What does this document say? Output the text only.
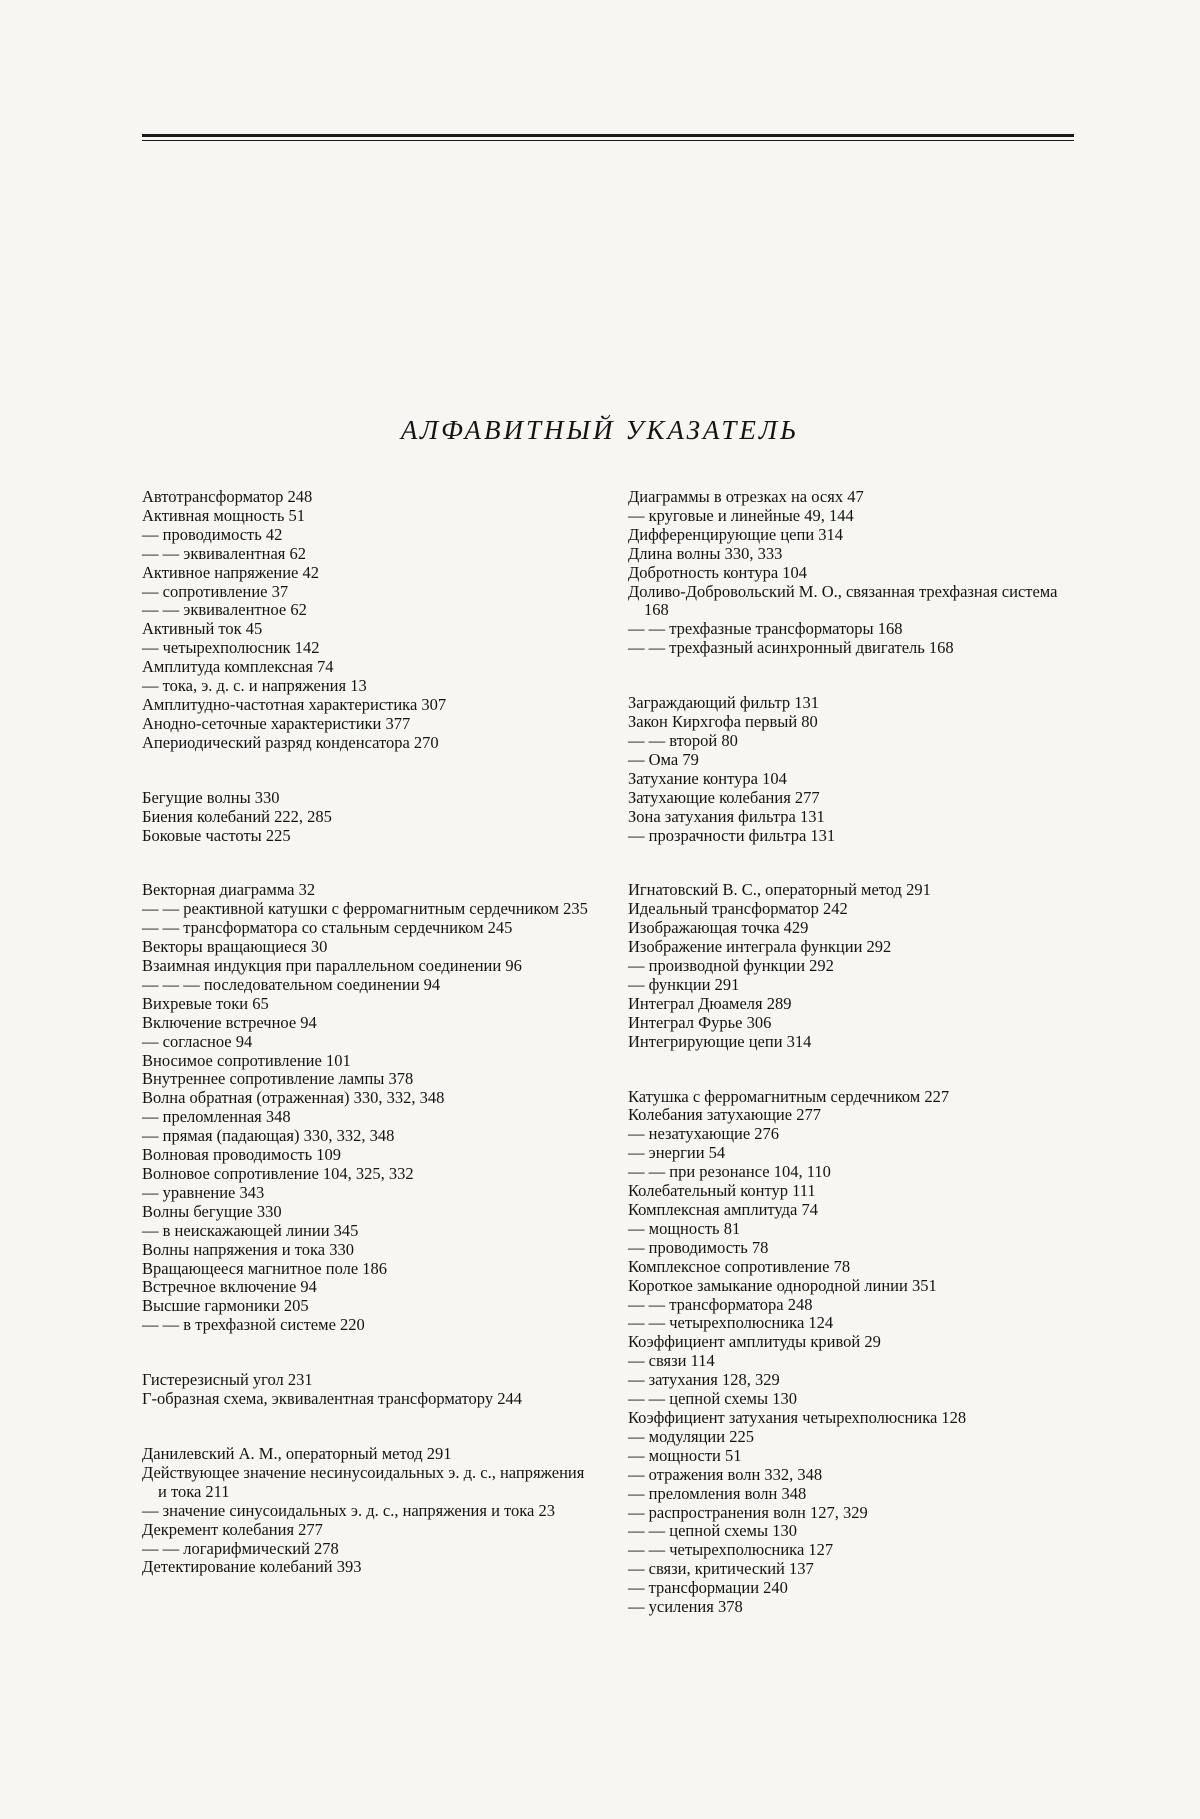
АЛФАВИТНЫЙ УКАЗАТЕЛЬ
Автотрансформатор 248
Активная мощность 51
— проводимость 42
— — эквивалентная 62
Активное напряжение 42
— сопротивление 37
— — эквивалентное 62
Активный ток 45
— четырехполюсник 142
Амплитуда комплексная 74
— тока, э. д. с. и напряжения 13
Амплитудно-частотная характеристика 307
Анодно-сеточные характеристики 377
Апериодический разряд конденсатора 270
Бегущие волны 330
Биения колебаний 222, 285
Боковые частоты 225
Векторная диаграмма 32
— — реактивной катушки с ферромагнитным сердечником 235
— — трансформатора со стальным сердечником 245
Векторы вращающиеся 30
Взаимная индукция при параллельном соединении 96
— — — последовательном соединении 94
Вихревые токи 65
Включение встречное 94
— согласное 94
Вносимое сопротивление 101
Внутреннее сопротивление лампы 378
Волна обратная (отраженная) 330, 332, 348
— преломленная 348
— прямая (падающая) 330, 332, 348
Волновая проводимость 109
Волновое сопротивление 104, 325, 332
— уравнение 343
Волны бегущие 330
— в неискажающей линии 345
Волны напряжения и тока 330
Вращающееся магнитное поле 186
Встречное включение 94
Высшие гармоники 205
— — в трехфазной системе 220
Гистерезисный угол 231
Г-образная схема, эквивалентная трансформатору 244
Данилевский А. М., операторный метод 291
Действующее значение несинусоидальных э. д. с., напряжения и тока 211
— значение синусоидальных э. д. с., напряжения и тока 23
Декремент колебания 277
— — логарифмический 278
Детектирование колебаний 393
Диаграммы в отрезках на осях 47
— круговые и линейные 49, 144
Дифференцирующие цепи 314
Длина волны 330, 333
Добротность контура 104
Доливо-Добровольский М. О., связанная трехфазная система 168
— — трехфазные трансформаторы 168
— — трехфазный асинхронный двигатель 168
Заграждающий фильтр 131
Закон Кирхгофа первый 80
— — второй 80
— Ома 79
Затухание контура 104
Затухающие колебания 277
Зона затухания фильтра 131
— прозрачности фильтра 131
Игнатовский В. С., операторный метод 291
Идеальный трансформатор 242
Изображающая точка 429
Изображение интеграла функции 292
— производной функции 292
— функции 291
Интеграл Дюамеля 289
Интеграл Фурье 306
Интегрирующие цепи 314
Катушка с ферромагнитным сердечником 227
Колебания затухающие 277
— незатухающие 276
— энергии 54
— — при резонансе 104, 110
Колебательный контур 111
Комплексная амплитуда 74
— мощность 81
— проводимость 78
Комплексное сопротивление 78
Короткое замыкание однородной линии 351
— — трансформатора 248
— — четырехполюсника 124
Коэффициент амплитуды кривой 29
— связи 114
— затухания 128, 329
— — цепной схемы 130
Коэффициент затухания четырехполюсника 128
— модуляции 225
— мощности 51
— отражения волн 332, 348
— преломления волн 348
— распространения волн 127, 329
— — цепной схемы 130
— — четырехполюсника 127
— связи, критический 137
— трансформации 240
— усиления 378
